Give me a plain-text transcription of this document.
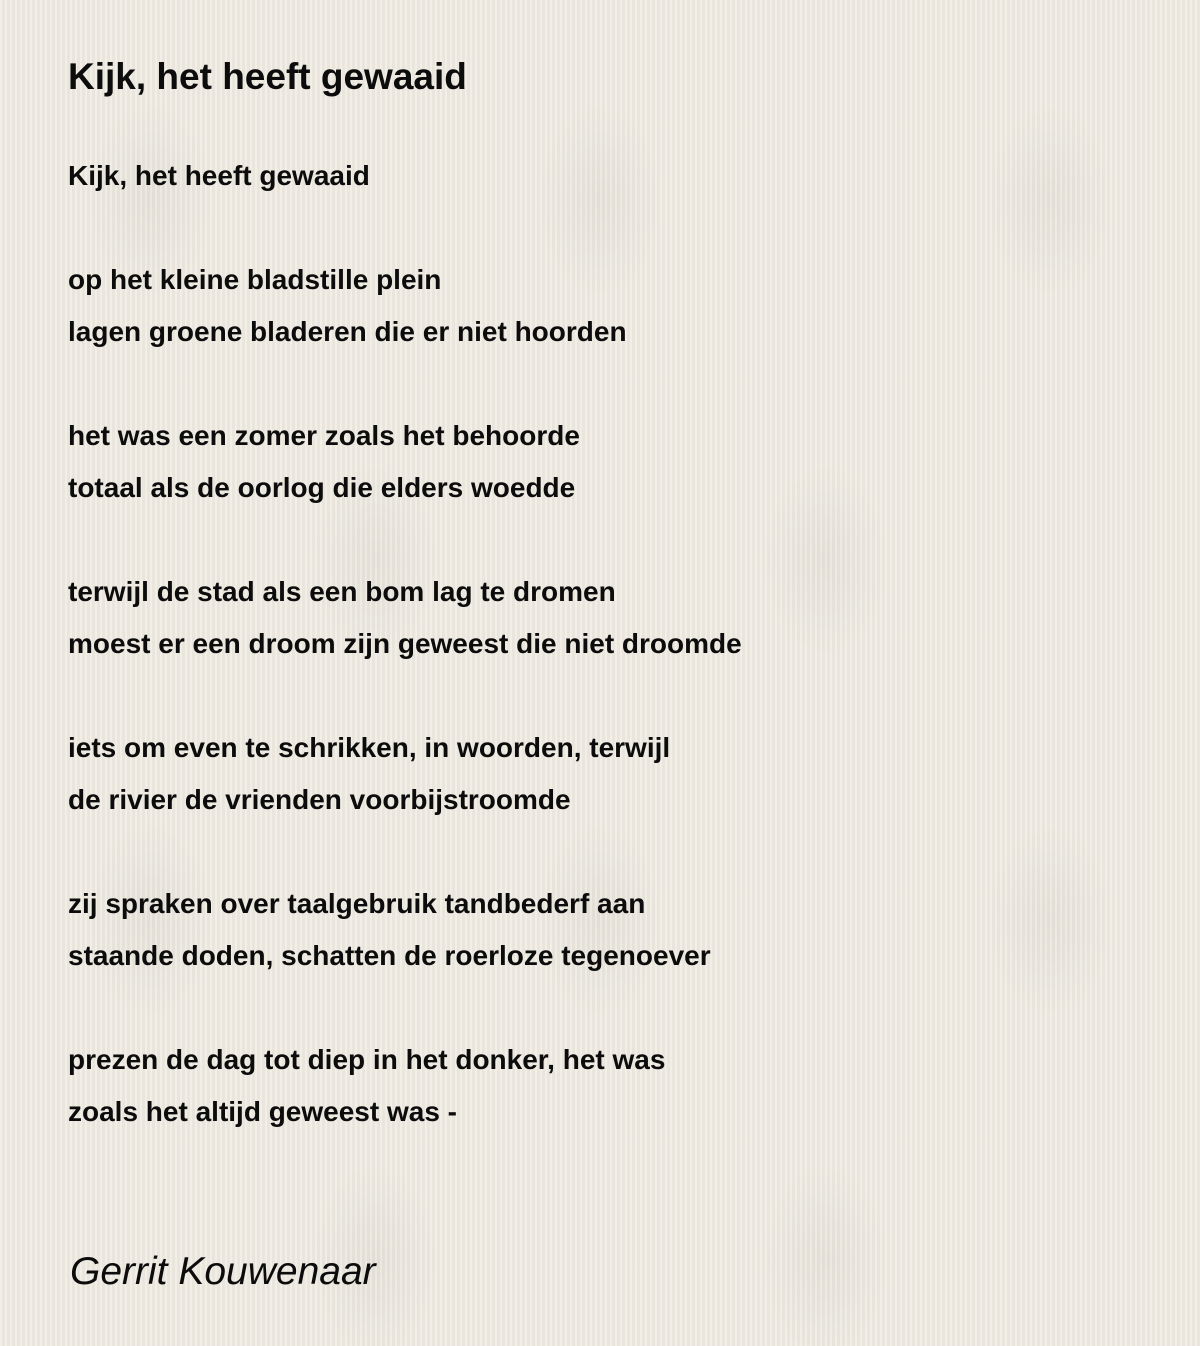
Kijk, het heeft gewaaid
Kijk, het heeft gewaaid
op het kleine bladstille plein
lagen groene bladeren die er niet hoorden
het was een zomer zoals het behoorde
totaal als de oorlog die elders woedde
terwijl de stad als een bom lag te dromen
moest er een droom zijn geweest die niet droomde
iets om even te schrikken, in woorden, terwijl
de rivier de vrienden voorbijstroomde
zij spraken over taalgebruik tandbederf aan
staande doden, schatten de roerloze tegenoever
prezen de dag tot diep in het donker, het was
zoals het altijd geweest was -
Gerrit Kouwenaar
